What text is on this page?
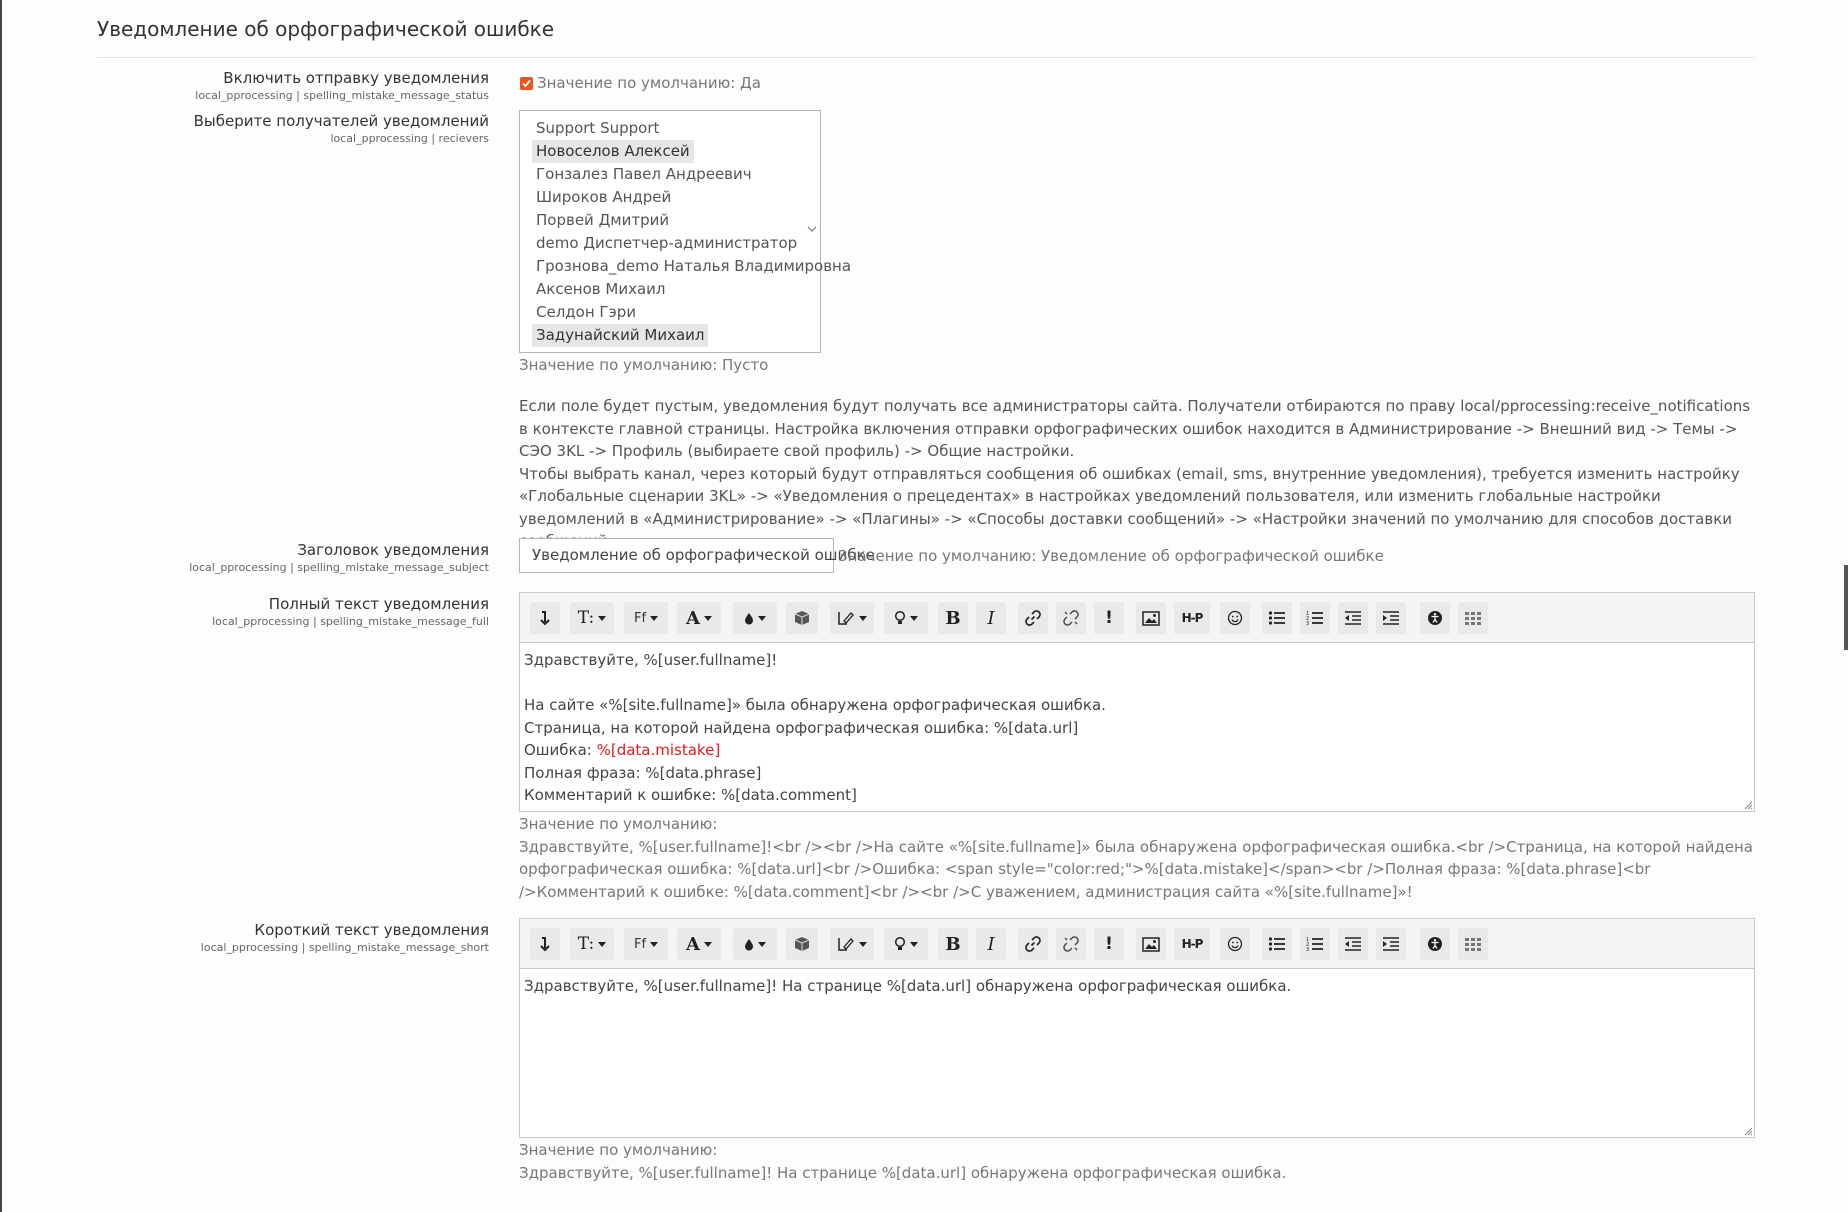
Уведомление об орфографической ошибке
Включить отправку уведомления
local_pprocessing | spelling_mistake_message_status
Значение по умолчанию: Да
Выберите получателей уведомлений
local_pprocessing | recievers
Support Support
Новоселов Алексей
Гонзалез Павел Андреевич
Широков Андрей
Порвей Дмитрий
demo Диспетчер-администратор
Грознова_demo Наталья Владимировна
Аксенов Михаил
Селдон Гэри
Задунайский Михаил
Значение по умолчанию: Пусто
Если поле будет пустым, уведомления будут получать все администраторы сайта. Получатели отбираются по праву local/pprocessing:receive_notifications в контексте главной страницы. Настройка включения отправки орфографических ошибок находится в Администрирование -> Внешний вид -> Темы -> СЭО 3KL -> Профиль (выбираете свой профиль) -> Общие настройки.
Чтобы выбрать канал, через который будут отправляться сообщения об ошибках (email, sms, внутренние уведомления), требуется изменить настройку «Глобальные сценарии 3KL» -> «Уведомления о прецедентах» в настройках уведомлений пользователя, или изменить глобальные настройки уведомлений в «Администрирование» -> «Плагины» -> «Способы доставки сообщений» -> «Настройки значений по умолчанию для способов доставки
Заголовок уведомления
local_pprocessing | spelling_mistake_message_subject
Уведомление об орфографической ошибке
Значение по умолчанию: Уведомление об орфографической ошибке
Полный текст уведомления
local_pprocessing | spelling_mistake_message_full	T:	Ff A	B I	!	H-P	1
2
3
Здравствуйте, %[user.fullname]!
На сайте «%[site.fullname]» была обнаружена орфографическая ошибка.
Страница, на которой найдена орфографическая ошибка: %[data.url]
Ошибка: %[data.mistake]
Полная фраза: %[data.phrase]
Комментарий к ошибке: %[data.comment]
Значение по умолчанию:
Здравствуйте, %[user.fullname]!<br /><br />На сайте «%[site.fullname]» была обнаружена орфографическая ошибка.<br />Страница, на которой найдена орфографическая ошибка: %[data.url]<br />Ошибка: <span style="color:red;">%[data.mistake]</span><br />Полная фраза: %[data.phrase]<br />Комментарий к ошибке: %[data.comment]<br /><br />С уважением, администрация сайта «%[site.fullname]»!
Короткий текст уведомления
local_pprocessing | spelling_mistake_message_short	T:	Ff A	B I	!	H-P	1
2
3
Здравствуйте, %[user.fullname]! На странице %[data.url] обнаружена орфографическая ошибка.
Значение по умолчанию:
Здравствуйте, %[user.fullname]! На странице %[data.url] обнаружена орфографическая ошибка.
